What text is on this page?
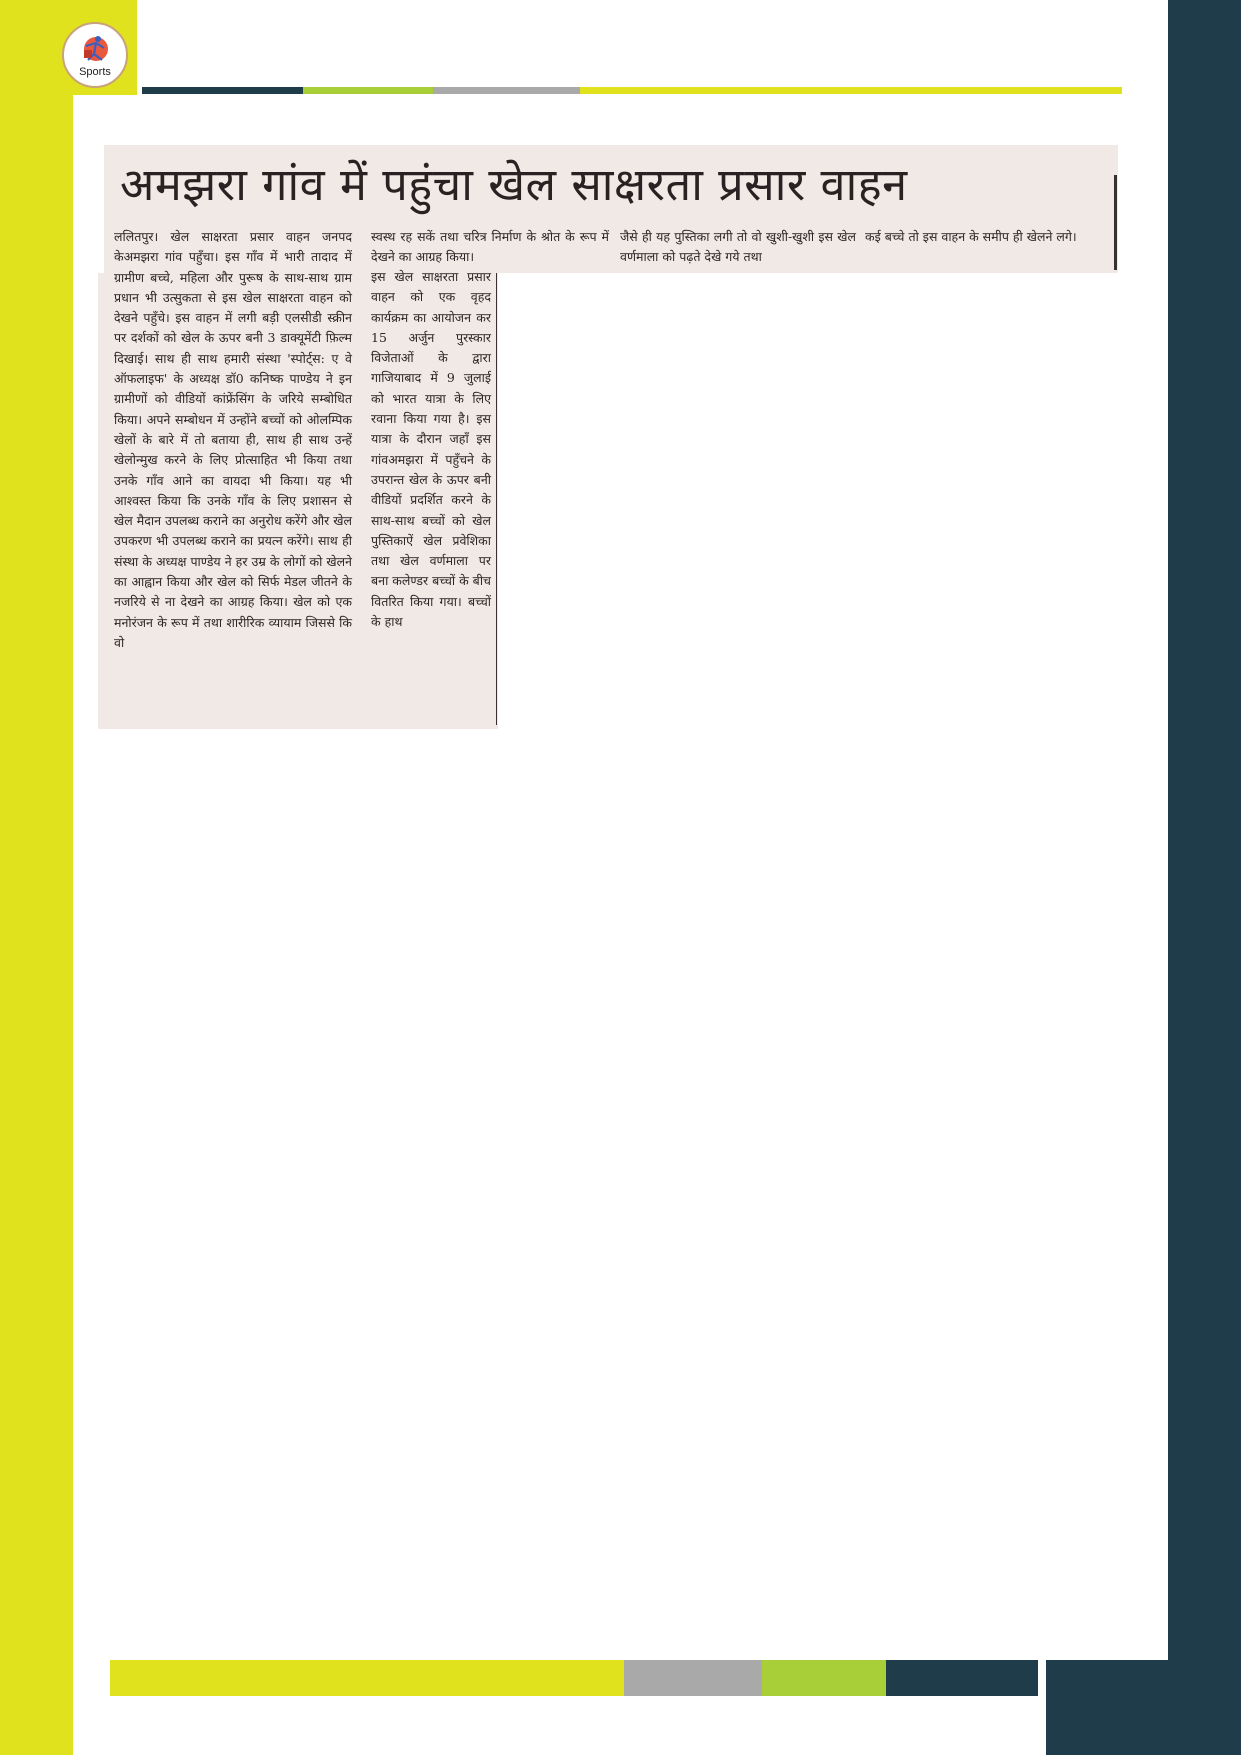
Sports
अमझरा गांव में पहुंचा खेल साक्षरता प्रसार वाहन
ललितपुर। खेल साक्षरता प्रसार वाहन जनपद केअमझरा गांव पहुँचा। इस गाँव में भारी तादाद में ग्रामीण बच्चे, महिला और पुरूष के साथ-साथ ग्राम प्रधान भी उत्सुकता से इस खेल साक्षरता वाहन को देखने पहुँचे। इस वाहन में लगी बड़ी एलसीडी स्क्रीन पर दर्शकों को खेल के ऊपर बनी 3 डाक्यूमेंटी फ़िल्म दिखाई। साथ ही साथ हमारी संस्था 'स्पोर्ट्स: ए वे ऑफलाइफ' के अध्यक्ष डॉ0 कनिष्क पाण्डेय ने इन ग्रामीणों को वीडियों कांफ्रेंसिंग के जरिये सम्बोधित किया। अपने सम्बोधन में उन्होंने बच्चों को ओलम्पिक खेलों के बारे में तो बताया ही, साथ ही साथ उन्हें खेलोन्मुख करने के लिए प्रोत्साहित भी किया तथा उनके गाँव आने का वायदा भी किया। यह भी आश्वस्त किया कि उनके गाँव के लिए प्रशासन से खेल मैदान उपलब्ध कराने का अनुरोध करेंगे और खेल उपकरण भी उपलब्ध कराने का प्रयत्न करेंगे। साथ ही संस्था के अध्यक्ष पाण्डेय ने हर उम्र के लोगों को खेलने का आह्वान किया और खेल को सिर्फ मेडल जीतने के नजरिये से ना देखने का आग्रह किया। खेल को एक मनोरंजन के रूप में तथा शारीरिक व्यायाम जिससे कि वो
स्वस्थ रह सकें तथा चरित्र निर्माण के श्रोत के रूप में देखने का आग्रह किया।
इस खेल साक्षरता प्रसार वाहन को एक वृहद कार्यक्रम का आयोजन कर 15 अर्जुन पुरस्कार विजेताओं के द्वारा गाजियाबाद में 9 जुलाई को भारत यात्रा के लिए रवाना किया गया है। इस यात्रा के दौरान जहाँ इस गांवअमझरा में पहुँचने के उपरान्त खेल के ऊपर बनी वीडियों प्रदर्शित करने के साथ-साथ बच्चों को खेल पुस्तिकाऐं खेल प्रवेशिका तथा खेल वर्णमाला पर बना कलेण्डर बच्चों के बीच वितरित किया गया। बच्चों के हाथ
जैसे ही यह पुस्तिका लगी तो वो खुशी-खुशी इस खेल वर्णमाला को पढ़ते देखे गये तथा
कई बच्चे तो इस वाहन के समीप ही खेलने लगे।
